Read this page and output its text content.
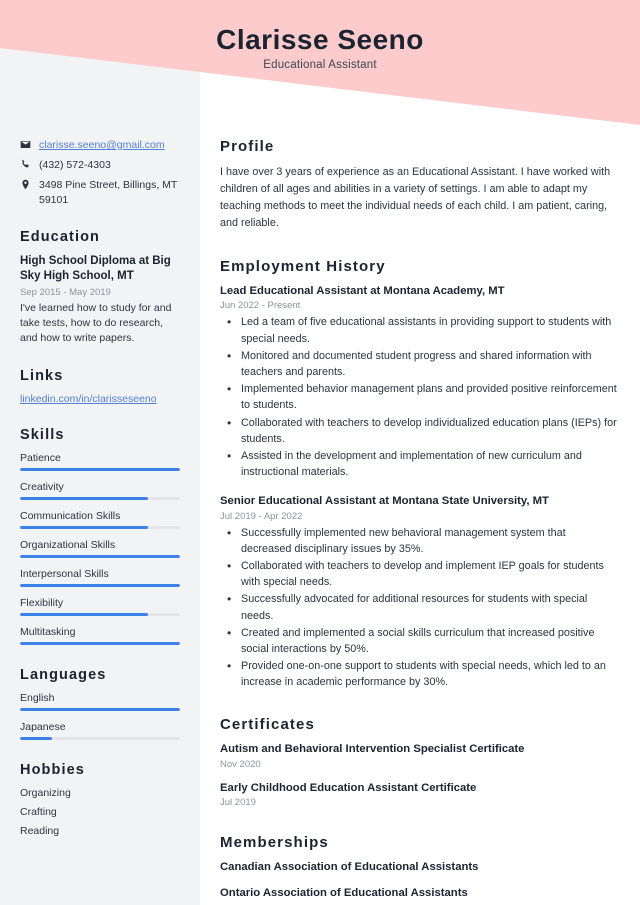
Clarisse Seeno
Educational Assistant
clarisse.seeno@gmail.com
(432) 572-4303
3498 Pine Street, Billings, MT 59101
Education
High School Diploma at Big Sky High School, MT
Sep 2015 - May 2019
I've learned how to study for and take tests, how to do research, and how to write papers.
Links
linkedin.com/in/clarisseseeno
Skills
Patience
Creativity
Communication Skills
Organizational Skills
Interpersonal Skills
Flexibility
Multitasking
Languages
English
Japanese
Hobbies
Organizing
Crafting
Reading
Profile
I have over 3 years of experience as an Educational Assistant. I have worked with children of all ages and abilities in a variety of settings. I am able to adapt my teaching methods to meet the individual needs of each child. I am patient, caring, and reliable.
Employment History
Lead Educational Assistant at Montana Academy, MT
Jun 2022 - Present
• Led a team of five educational assistants in providing support to students with special needs.
• Monitored and documented student progress and shared information with teachers and parents.
• Implemented behavior management plans and provided positive reinforcement to students.
• Collaborated with teachers to develop individualized education plans (IEPs) for students.
• Assisted in the development and implementation of new curriculum and instructional materials.
Senior Educational Assistant at Montana State University, MT
Jul 2019 - Apr 2022
• Successfully implemented new behavioral management system that decreased disciplinary issues by 35%.
• Collaborated with teachers to develop and implement IEP goals for students with special needs.
• Successfully advocated for additional resources for students with special needs.
• Created and implemented a social skills curriculum that increased positive social interactions by 50%.
• Provided one-on-one support to students with special needs, which led to an increase in academic performance by 30%.
Certificates
Autism and Behavioral Intervention Specialist Certificate
Nov 2020
Early Childhood Education Assistant Certificate
Jul 2019
Memberships
Canadian Association of Educational Assistants
Ontario Association of Educational Assistants
